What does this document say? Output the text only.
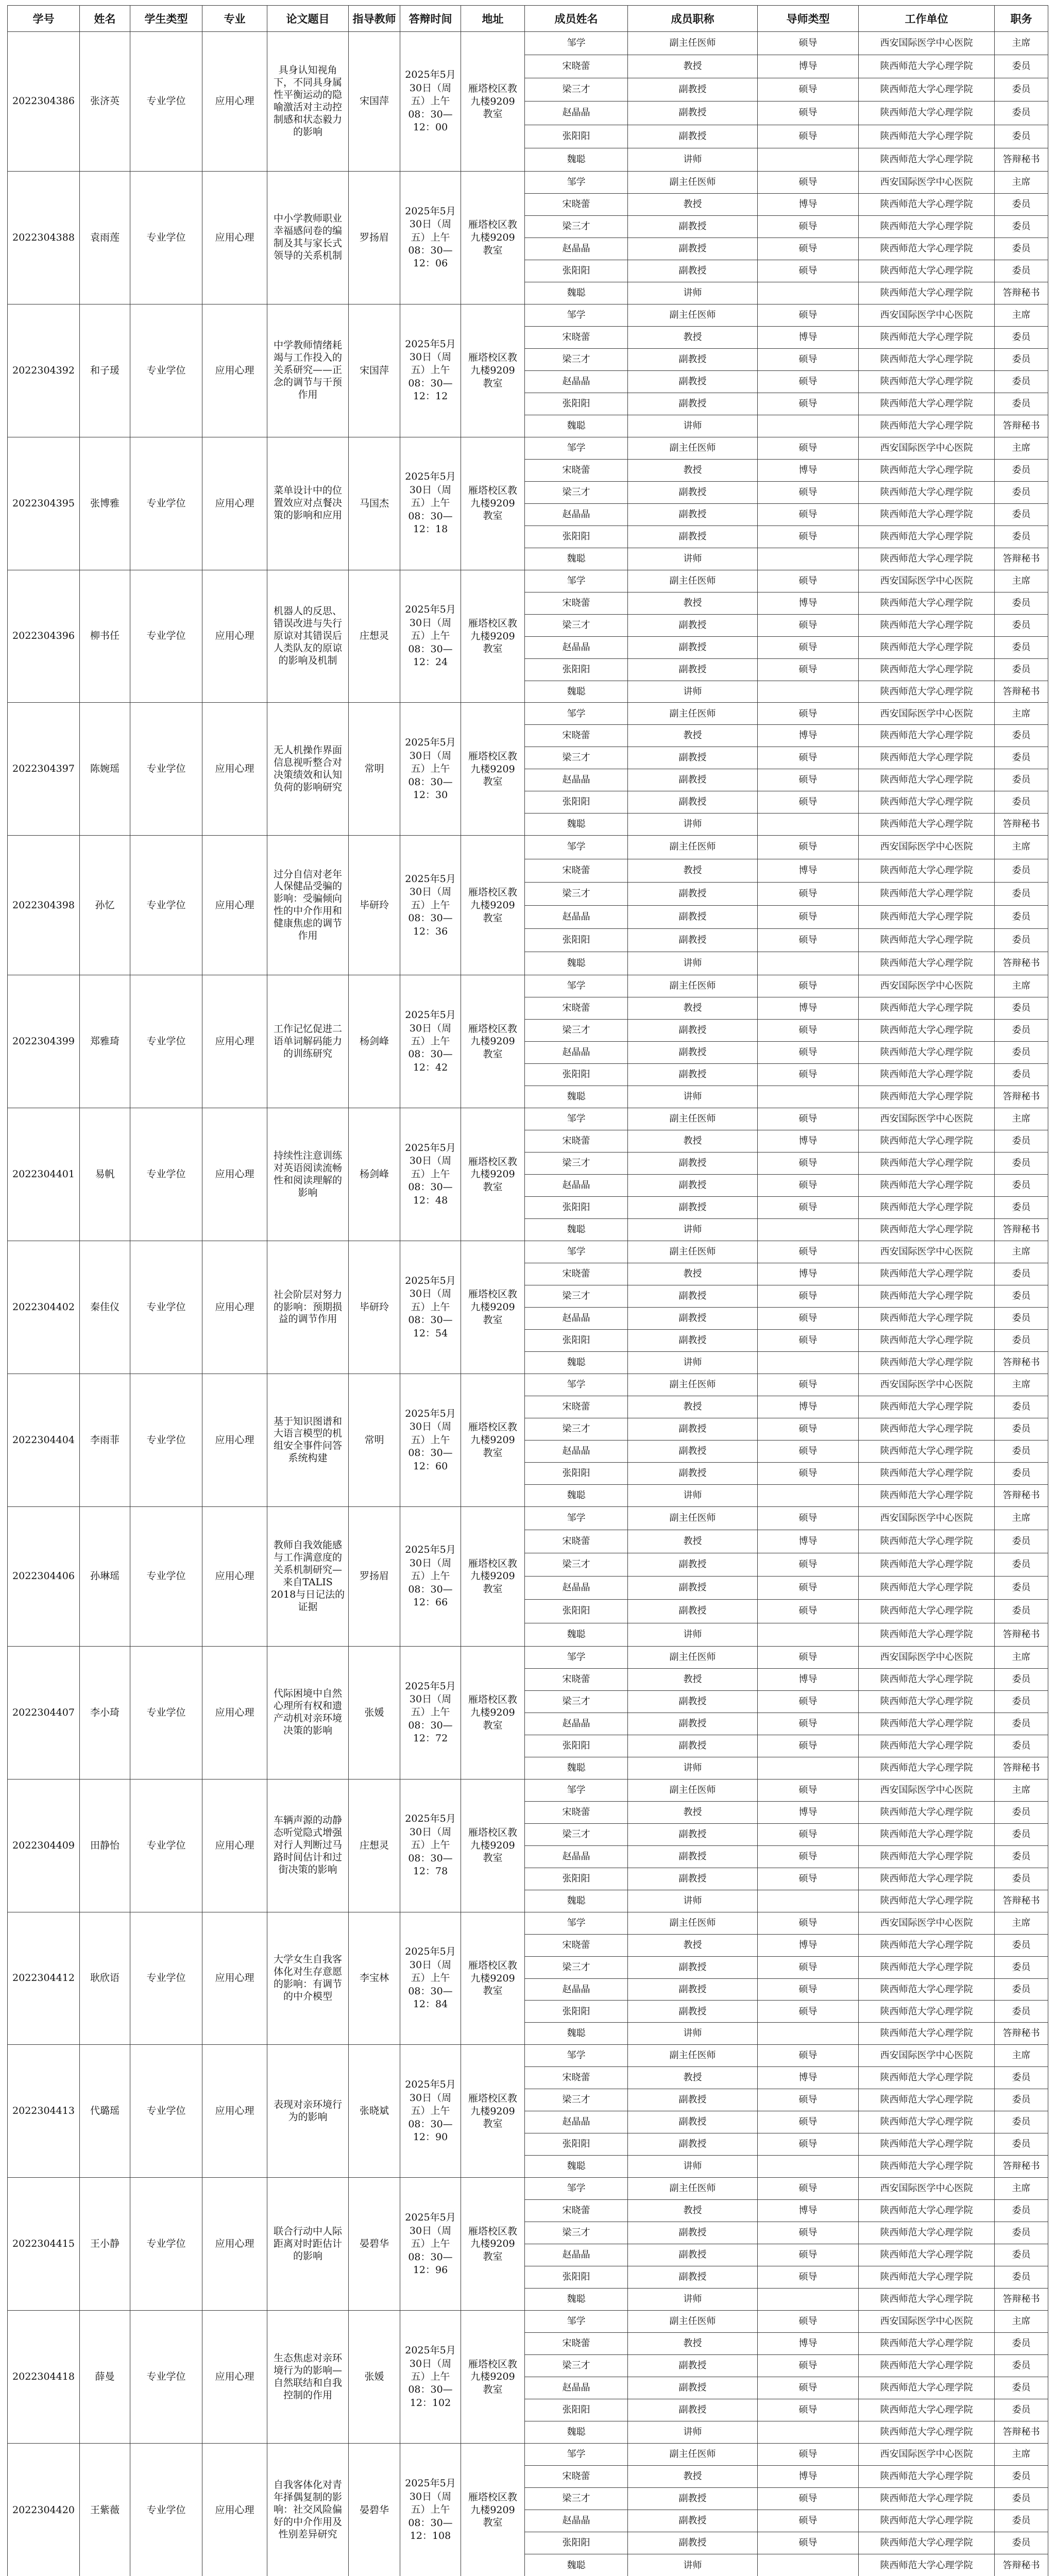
学号	姓名	学生类型	专业	论文题目	指导教师	答辩时间	地址	成员姓名	成员职称	导师类型	工作单位	职务
2022304386	张济英	专业学位	应用心理	具身认知视角下，不同具身属性平衡运动的隐喻激活对主动控制感和状态毅力的影响	宋国萍	2025年5月30日（周五）上午08：30—12：00	雁塔校区教九楼9209教室	邹学	副主任医师	硕导	西安国际医学中心医院	主席
								宋晓蕾	教授	博导	陕西师范大学心理学院	委员
								梁三才	副教授	硕导	陕西师范大学心理学院	委员
								赵晶晶	副教授	硕导	陕西师范大学心理学院	委员
								张阳阳	副教授	硕导	陕西师范大学心理学院	委员
								魏聪	讲师		陕西师范大学心理学院	答辩秘书
2022304388	袁雨莲	专业学位	应用心理	中小学教师职业幸福感问卷的编制及其与家长式领导的关系机制	罗扬眉	2025年5月30日（周五）上午08：30—12：06	雁塔校区教九楼9209教室	邹学	副主任医师	硕导	西安国际医学中心医院	主席
								宋晓蕾	教授	博导	陕西师范大学心理学院	委员
								梁三才	副教授	硕导	陕西师范大学心理学院	委员
								赵晶晶	副教授	硕导	陕西师范大学心理学院	委员
								张阳阳	副教授	硕导	陕西师范大学心理学院	委员
								魏聪	讲师		陕西师范大学心理学院	答辩秘书
2022304392	和子瑗	专业学位	应用心理	中学教师情绪耗竭与工作投入的关系研究——正念的调节与干预作用	宋国萍	2025年5月30日（周五）上午08：30—12：12	雁塔校区教九楼9209教室	邹学	副主任医师	硕导	西安国际医学中心医院	主席
								宋晓蕾	教授	博导	陕西师范大学心理学院	委员
								梁三才	副教授	硕导	陕西师范大学心理学院	委员
								赵晶晶	副教授	硕导	陕西师范大学心理学院	委员
								张阳阳	副教授	硕导	陕西师范大学心理学院	委员
								魏聪	讲师		陕西师范大学心理学院	答辩秘书
2022304395	张博雅	专业学位	应用心理	菜单设计中的位置效应对点餐决策的影响和应用	马国杰	2025年5月30日（周五）上午08：30—12：18	雁塔校区教九楼9209教室	邹学	副主任医师	硕导	西安国际医学中心医院	主席
								宋晓蕾	教授	博导	陕西师范大学心理学院	委员
								梁三才	副教授	硕导	陕西师范大学心理学院	委员
								赵晶晶	副教授	硕导	陕西师范大学心理学院	委员
								张阳阳	副教授	硕导	陕西师范大学心理学院	委员
								魏聪	讲师		陕西师范大学心理学院	答辩秘书
2022304396	柳书任	专业学位	应用心理	机器人的反思、错误改进与失行原谅对其错误后人类队友的原谅的影响及机制	庄想灵	2025年5月30日（周五）上午08：30—12：24	雁塔校区教九楼9209教室	邹学	副主任医师	硕导	西安国际医学中心医院	主席
								宋晓蕾	教授	博导	陕西师范大学心理学院	委员
								梁三才	副教授	硕导	陕西师范大学心理学院	委员
								赵晶晶	副教授	硕导	陕西师范大学心理学院	委员
								张阳阳	副教授	硕导	陕西师范大学心理学院	委员
								魏聪	讲师		陕西师范大学心理学院	答辩秘书
2022304397	陈婉瑶	专业学位	应用心理	无人机操作界面信息视听整合对决策绩效和认知负荷的影响研究	常明	2025年5月30日（周五）上午08：30—12：30	雁塔校区教九楼9209教室	邹学	副主任医师	硕导	西安国际医学中心医院	主席
								宋晓蕾	教授	博导	陕西师范大学心理学院	委员
								梁三才	副教授	硕导	陕西师范大学心理学院	委员
								赵晶晶	副教授	硕导	陕西师范大学心理学院	委员
								张阳阳	副教授	硕导	陕西师范大学心理学院	委员
								魏聪	讲师		陕西师范大学心理学院	答辩秘书
2022304398	孙忆	专业学位	应用心理	过分自信对老年人保健品受骗的影响：受骗倾向性的中介作用和健康焦虑的调节作用	毕研玲	2025年5月30日（周五）上午08：30—12：36	雁塔校区教九楼9209教室	邹学	副主任医师	硕导	西安国际医学中心医院	主席
								宋晓蕾	教授	博导	陕西师范大学心理学院	委员
								梁三才	副教授	硕导	陕西师范大学心理学院	委员
								赵晶晶	副教授	硕导	陕西师范大学心理学院	委员
								张阳阳	副教授	硕导	陕西师范大学心理学院	委员
								魏聪	讲师		陕西师范大学心理学院	答辩秘书
2022304399	郑雅琦	专业学位	应用心理	工作记忆促进二语单词解码能力的训练研究	杨剑峰	2025年5月30日（周五）上午08：30—12：42	雁塔校区教九楼9209教室	邹学	副主任医师	硕导	西安国际医学中心医院	主席
								宋晓蕾	教授	博导	陕西师范大学心理学院	委员
								梁三才	副教授	硕导	陕西师范大学心理学院	委员
								赵晶晶	副教授	硕导	陕西师范大学心理学院	委员
								张阳阳	副教授	硕导	陕西师范大学心理学院	委员
								魏聪	讲师		陕西师范大学心理学院	答辩秘书
2022304401	易帆	专业学位	应用心理	持续性注意训练对英语阅读流畅性和阅读理解的影响	杨剑峰	2025年5月30日（周五）上午08：30—12：48	雁塔校区教九楼9209教室	邹学	副主任医师	硕导	西安国际医学中心医院	主席
								宋晓蕾	教授	博导	陕西师范大学心理学院	委员
								梁三才	副教授	硕导	陕西师范大学心理学院	委员
								赵晶晶	副教授	硕导	陕西师范大学心理学院	委员
								张阳阳	副教授	硕导	陕西师范大学心理学院	委员
								魏聪	讲师		陕西师范大学心理学院	答辩秘书
2022304402	秦佳仪	专业学位	应用心理	社会阶层对努力的影响：预期损益的调节作用	毕研玲	2025年5月30日（周五）上午08：30—12：54	雁塔校区教九楼9209教室	邹学	副主任医师	硕导	西安国际医学中心医院	主席
								宋晓蕾	教授	博导	陕西师范大学心理学院	委员
								梁三才	副教授	硕导	陕西师范大学心理学院	委员
								赵晶晶	副教授	硕导	陕西师范大学心理学院	委员
								张阳阳	副教授	硕导	陕西师范大学心理学院	委员
								魏聪	讲师		陕西师范大学心理学院	答辩秘书
2022304404	李雨菲	专业学位	应用心理	基于知识图谱和大语言模型的机组安全事件问答系统构建	常明	2025年5月30日（周五）上午08：30—12：60	雁塔校区教九楼9209教室	邹学	副主任医师	硕导	西安国际医学中心医院	主席
								宋晓蕾	教授	博导	陕西师范大学心理学院	委员
								梁三才	副教授	硕导	陕西师范大学心理学院	委员
								赵晶晶	副教授	硕导	陕西师范大学心理学院	委员
								张阳阳	副教授	硕导	陕西师范大学心理学院	委员
								魏聪	讲师		陕西师范大学心理学院	答辩秘书
2022304406	孙琳瑶	专业学位	应用心理	教师自我效能感与工作满意度的关系机制研究—来自TALIS 2018与日记法的证据	罗扬眉	2025年5月30日（周五）上午08：30—12：66	雁塔校区教九楼9209教室	邹学	副主任医师	硕导	西安国际医学中心医院	主席
								宋晓蕾	教授	博导	陕西师范大学心理学院	委员
								梁三才	副教授	硕导	陕西师范大学心理学院	委员
								赵晶晶	副教授	硕导	陕西师范大学心理学院	委员
								张阳阳	副教授	硕导	陕西师范大学心理学院	委员
								魏聪	讲师		陕西师范大学心理学院	答辩秘书
2022304407	李小琦	专业学位	应用心理	代际困境中自然心理所有权和遗产动机对亲环境决策的影响	张媛	2025年5月30日（周五）上午08：30—12：72	雁塔校区教九楼9209教室	邹学	副主任医师	硕导	西安国际医学中心医院	主席
								宋晓蕾	教授	博导	陕西师范大学心理学院	委员
								梁三才	副教授	硕导	陕西师范大学心理学院	委员
								赵晶晶	副教授	硕导	陕西师范大学心理学院	委员
								张阳阳	副教授	硕导	陕西师范大学心理学院	委员
								魏聪	讲师		陕西师范大学心理学院	答辩秘书
2022304409	田静怡	专业学位	应用心理	车辆声源的动静态听觉隐式增强对行人判断过马路时间估计和过街决策的影响	庄想灵	2025年5月30日（周五）上午08：30—12：78	雁塔校区教九楼9209教室	邹学	副主任医师	硕导	西安国际医学中心医院	主席
								宋晓蕾	教授	博导	陕西师范大学心理学院	委员
								梁三才	副教授	硕导	陕西师范大学心理学院	委员
								赵晶晶	副教授	硕导	陕西师范大学心理学院	委员
								张阳阳	副教授	硕导	陕西师范大学心理学院	委员
								魏聪	讲师		陕西师范大学心理学院	答辩秘书
2022304412	耿欣语	专业学位	应用心理	大学女生自我客体化对生存意愿的影响：有调节的中介模型	李宝林	2025年5月30日（周五）上午08：30—12：84	雁塔校区教九楼9209教室	邹学	副主任医师	硕导	西安国际医学中心医院	主席
								宋晓蕾	教授	博导	陕西师范大学心理学院	委员
								梁三才	副教授	硕导	陕西师范大学心理学院	委员
								赵晶晶	副教授	硕导	陕西师范大学心理学院	委员
								张阳阳	副教授	硕导	陕西师范大学心理学院	委员
								魏聪	讲师		陕西师范大学心理学院	答辩秘书
2022304413	代璐瑶	专业学位	应用心理	表现对亲环境行为的影响	张晓斌	2025年5月30日（周五）上午08：30—12：90	雁塔校区教九楼9209教室	邹学	副主任医师	硕导	西安国际医学中心医院	主席
								宋晓蕾	教授	博导	陕西师范大学心理学院	委员
								梁三才	副教授	硕导	陕西师范大学心理学院	委员
								赵晶晶	副教授	硕导	陕西师范大学心理学院	委员
								张阳阳	副教授	硕导	陕西师范大学心理学院	委员
								魏聪	讲师		陕西师范大学心理学院	答辩秘书
2022304415	王小静	专业学位	应用心理	联合行动中人际距离对时距估计的影响	晏碧华	2025年5月30日（周五）上午08：30—12：96	雁塔校区教九楼9209教室	邹学	副主任医师	硕导	西安国际医学中心医院	主席
								宋晓蕾	教授	博导	陕西师范大学心理学院	委员
								梁三才	副教授	硕导	陕西师范大学心理学院	委员
								赵晶晶	副教授	硕导	陕西师范大学心理学院	委员
								张阳阳	副教授	硕导	陕西师范大学心理学院	委员
								魏聪	讲师		陕西师范大学心理学院	答辩秘书
2022304418	薛曼	专业学位	应用心理	生态焦虑对亲环境行为的影响—自然联结和自我控制的作用	张媛	2025年5月30日（周五）上午08：30—12：102	雁塔校区教九楼9209教室	邹学	副主任医师	硕导	西安国际医学中心医院	主席
								宋晓蕾	教授	博导	陕西师范大学心理学院	委员
								梁三才	副教授	硕导	陕西师范大学心理学院	委员
								赵晶晶	副教授	硕导	陕西师范大学心理学院	委员
								张阳阳	副教授	硕导	陕西师范大学心理学院	委员
								魏聪	讲师		陕西师范大学心理学院	答辩秘书
2022304420	王紫薇	专业学位	应用心理	自我客体化对青年择偶复制的影响：社交风险偏好的中介作用及性别差异研究	晏碧华	2025年5月30日（周五）上午08：30—12：108	雁塔校区教九楼9209教室	邹学	副主任医师	硕导	西安国际医学中心医院	主席
								宋晓蕾	教授	博导	陕西师范大学心理学院	委员
								梁三才	副教授	硕导	陕西师范大学心理学院	委员
								赵晶晶	副教授	硕导	陕西师范大学心理学院	委员
								张阳阳	副教授	硕导	陕西师范大学心理学院	委员
								魏聪	讲师		陕西师范大学心理学院	答辩秘书
